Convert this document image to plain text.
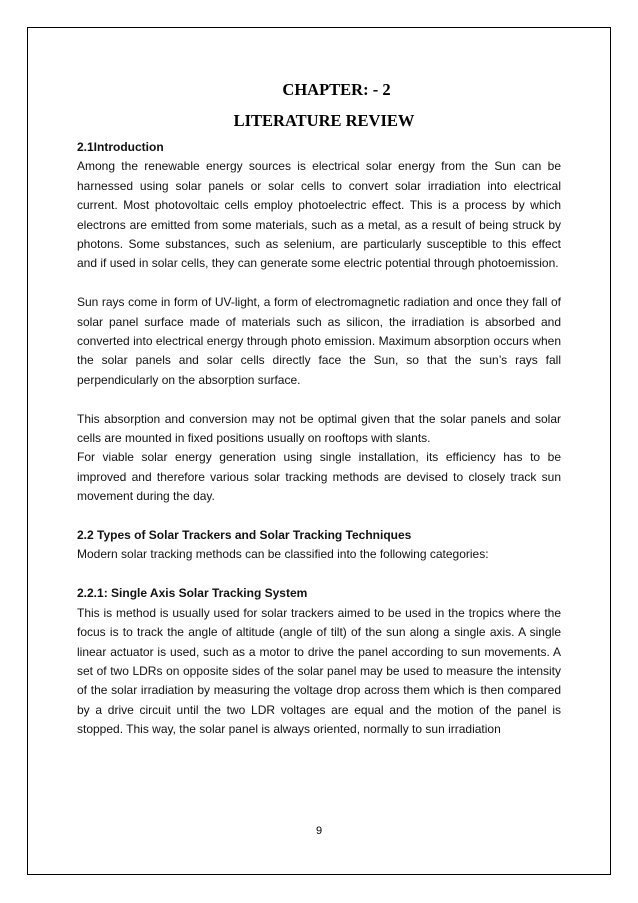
CHAPTER: - 2
LITERATURE REVIEW
2.1Introduction

Among the renewable energy sources is electrical solar energy from the Sun can be harnessed using solar panels or solar cells to convert solar irradiation into electrical current. Most photovoltaic cells employ photoelectric effect. This is a process by which electrons are emitted from some materials, such as a metal, as a result of being struck by photons. Some substances, such as selenium, are particularly susceptible to this effect and if used in solar cells, they can generate some electric potential through photoemission.

Sun rays come in form of UV-light, a form of electromagnetic radiation and once they fall of solar panel surface made of materials such as silicon, the irradiation is absorbed and converted into electrical energy through photo emission. Maximum absorption occurs when the solar panels and solar cells directly face the Sun, so that the sun’s rays fall perpendicularly on the absorption surface.

This absorption and conversion may not be optimal given that the solar panels and solar cells are mounted in fixed positions usually on rooftops with slants.

For viable solar energy generation using single installation, its efficiency has to be improved and therefore various solar tracking methods are devised to closely track sun movement during the day.

2.2 Types of Solar Trackers and Solar Tracking Techniques

Modern solar tracking methods can be classified into the following categories:

2.2.1: Single Axis Solar Tracking System

This is method is usually used for solar trackers aimed to be used in the tropics where the focus is to track the angle of altitude (angle of tilt) of the sun along a single axis. A single linear actuator is used, such as a motor to drive the panel according to sun movements. A set of two LDRs on opposite sides of the solar panel may be used to measure the intensity of the solar irradiation by measuring the voltage drop across them which is then compared by a drive circuit until the two LDR voltages are equal and the motion of the panel is stopped. This way, the solar panel is always oriented, normally to sun irradiation

9
